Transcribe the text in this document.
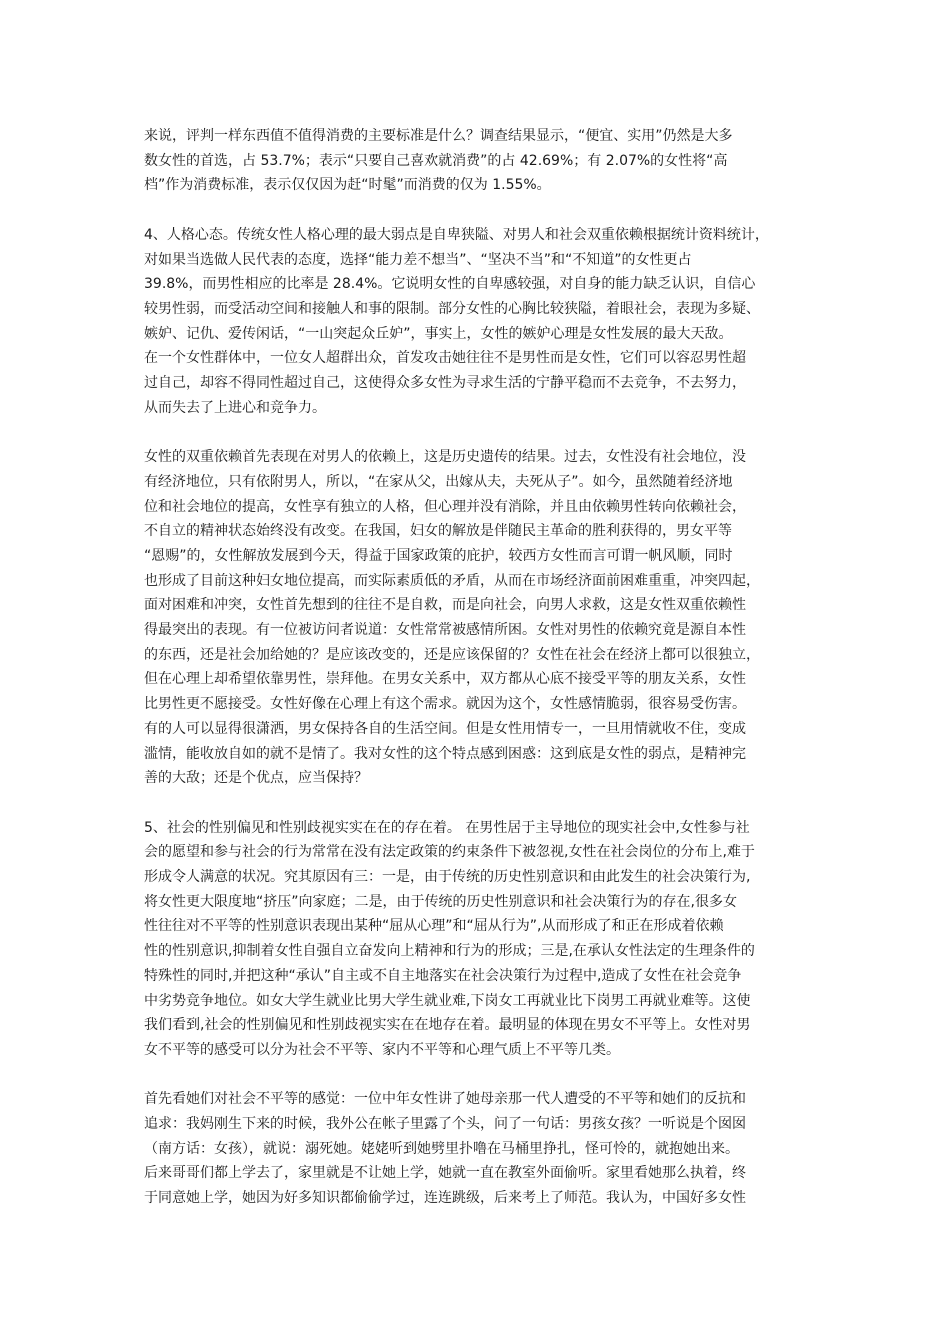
来说，评判一样东西值不值得消费的主要标准是什么？调查结果显示，“便宜、实用”仍然是大多
数女性的首选，占 53.7%；表示“只要自己喜欢就消费”的占 42.69%；有 2.07%的女性将“高
档”作为消费标准，表示仅仅因为赶“时髦”而消费的仅为 1.55%。

4、人格心态。传统女性人格心理的最大弱点是自卑狭隘、对男人和社会双重依赖根据统计资料统计，
对如果当选做人民代表的态度，选择“能力差不想当”、“坚决不当”和“不知道”的女性更占
39.8%，而男性相应的比率是 28.4%。它说明女性的自卑感较强，对自身的能力缺乏认识，自信心
较男性弱，而受活动空间和接触人和事的限制。部分女性的心胸比较狭隘，着眼社会，表现为多疑、
嫉妒、记仇、爱传闲话，“一山突起众丘妒”，事实上，女性的嫉妒心理是女性发展的最大天敌。
在一个女性群体中，一位女人超群出众，首发攻击她往往不是男性而是女性，它们可以容忍男性超
过自己，却容不得同性超过自己，这使得众多女性为寻求生活的宁静平稳而不去竞争，不去努力，
从而失去了上进心和竞争力。

女性的双重依赖首先表现在对男人的依赖上，这是历史遗传的结果。过去，女性没有社会地位，没
有经济地位，只有依附男人，所以，“在家从父，出嫁从夫，夫死从子”。如今，虽然随着经济地
位和社会地位的提高，女性享有独立的人格，但心理并没有消除，并且由依赖男性转向依赖社会，
不自立的精神状态始终没有改变。在我国，妇女的解放是伴随民主革命的胜利获得的，男女平等
“恩赐”的，女性解放发展到今天，得益于国家政策的庇护，较西方女性而言可谓一帆风顺，同时
也形成了目前这种妇女地位提高，而实际素质低的矛盾，从而在市场经济面前困难重重，冲突四起，
面对困难和冲突，女性首先想到的往往不是自救，而是向社会，向男人求救，这是女性双重依赖性
得最突出的表现。有一位被访问者说道：女性常常被感情所困。女性对男性的依赖究竟是源自本性
的东西，还是社会加给她的？是应该改变的，还是应该保留的？女性在社会在经济上都可以很独立，
但在心理上却希望依靠男性，崇拜他。在男女关系中，双方都从心底不接受平等的朋友关系，女性
比男性更不愿接受。女性好像在心理上有这个需求。就因为这个，女性感情脆弱，很容易受伤害。
有的人可以显得很潇洒，男女保持各自的生活空间。但是女性用情专一，一旦用情就收不住，变成
滥情，能收放自如的就不是情了。我对女性的这个特点感到困惑：这到底是女性的弱点，是精神完
善的大敌；还是个优点，应当保持？

5、社会的性别偏见和性别歧视实实在在的存在着。 在男性居于主导地位的现实社会中,女性参与社
会的愿望和参与社会的行为常常在没有法定政策的约束条件下被忽视,女性在社会岗位的分布上,难于
形成令人满意的状况。究其原因有三：一是，由于传统的历史性别意识和由此发生的社会决策行为,
将女性更大限度地“挤压”向家庭；二是，由于传统的历史性别意识和社会决策行为的存在,很多女
性往往对不平等的性别意识表现出某种“屈从心理”和“屈从行为”,从而形成了和正在形成着依赖
性的性别意识,抑制着女性自强自立奋发向上精神和行为的形成；三是,在承认女性法定的生理条件的
特殊性的同时,并把这种“承认”自主或不自主地落实在社会决策行为过程中,造成了女性在社会竞争
中劣势竞争地位。如女大学生就业比男大学生就业难,下岗女工再就业比下岗男工再就业难等。这使
我们看到,社会的性别偏见和性别歧视实实在在地存在着。最明显的体现在男女不平等上。女性对男
女不平等的感受可以分为社会不平等、家内不平等和心理气质上不平等几类。

首先看她们对社会不平等的感觉：一位中年女性讲了她母亲那一代人遭受的不平等和她们的反抗和
追求：我妈刚生下来的时候，我外公在帐子里露了个头，问了一句话：男孩女孩？一听说是个囡囡
（南方话：女孩），就说：溺死她。姥姥听到她劈里扑噜在马桶里挣扎，怪可怜的，就抱她出来。
后来哥哥们都上学去了，家里就是不让她上学，她就一直在教室外面偷听。家里看她那么执着，终
于同意她上学，她因为好多知识都偷偷学过，连连跳级，后来考上了师范。我认为，中国好多女性
